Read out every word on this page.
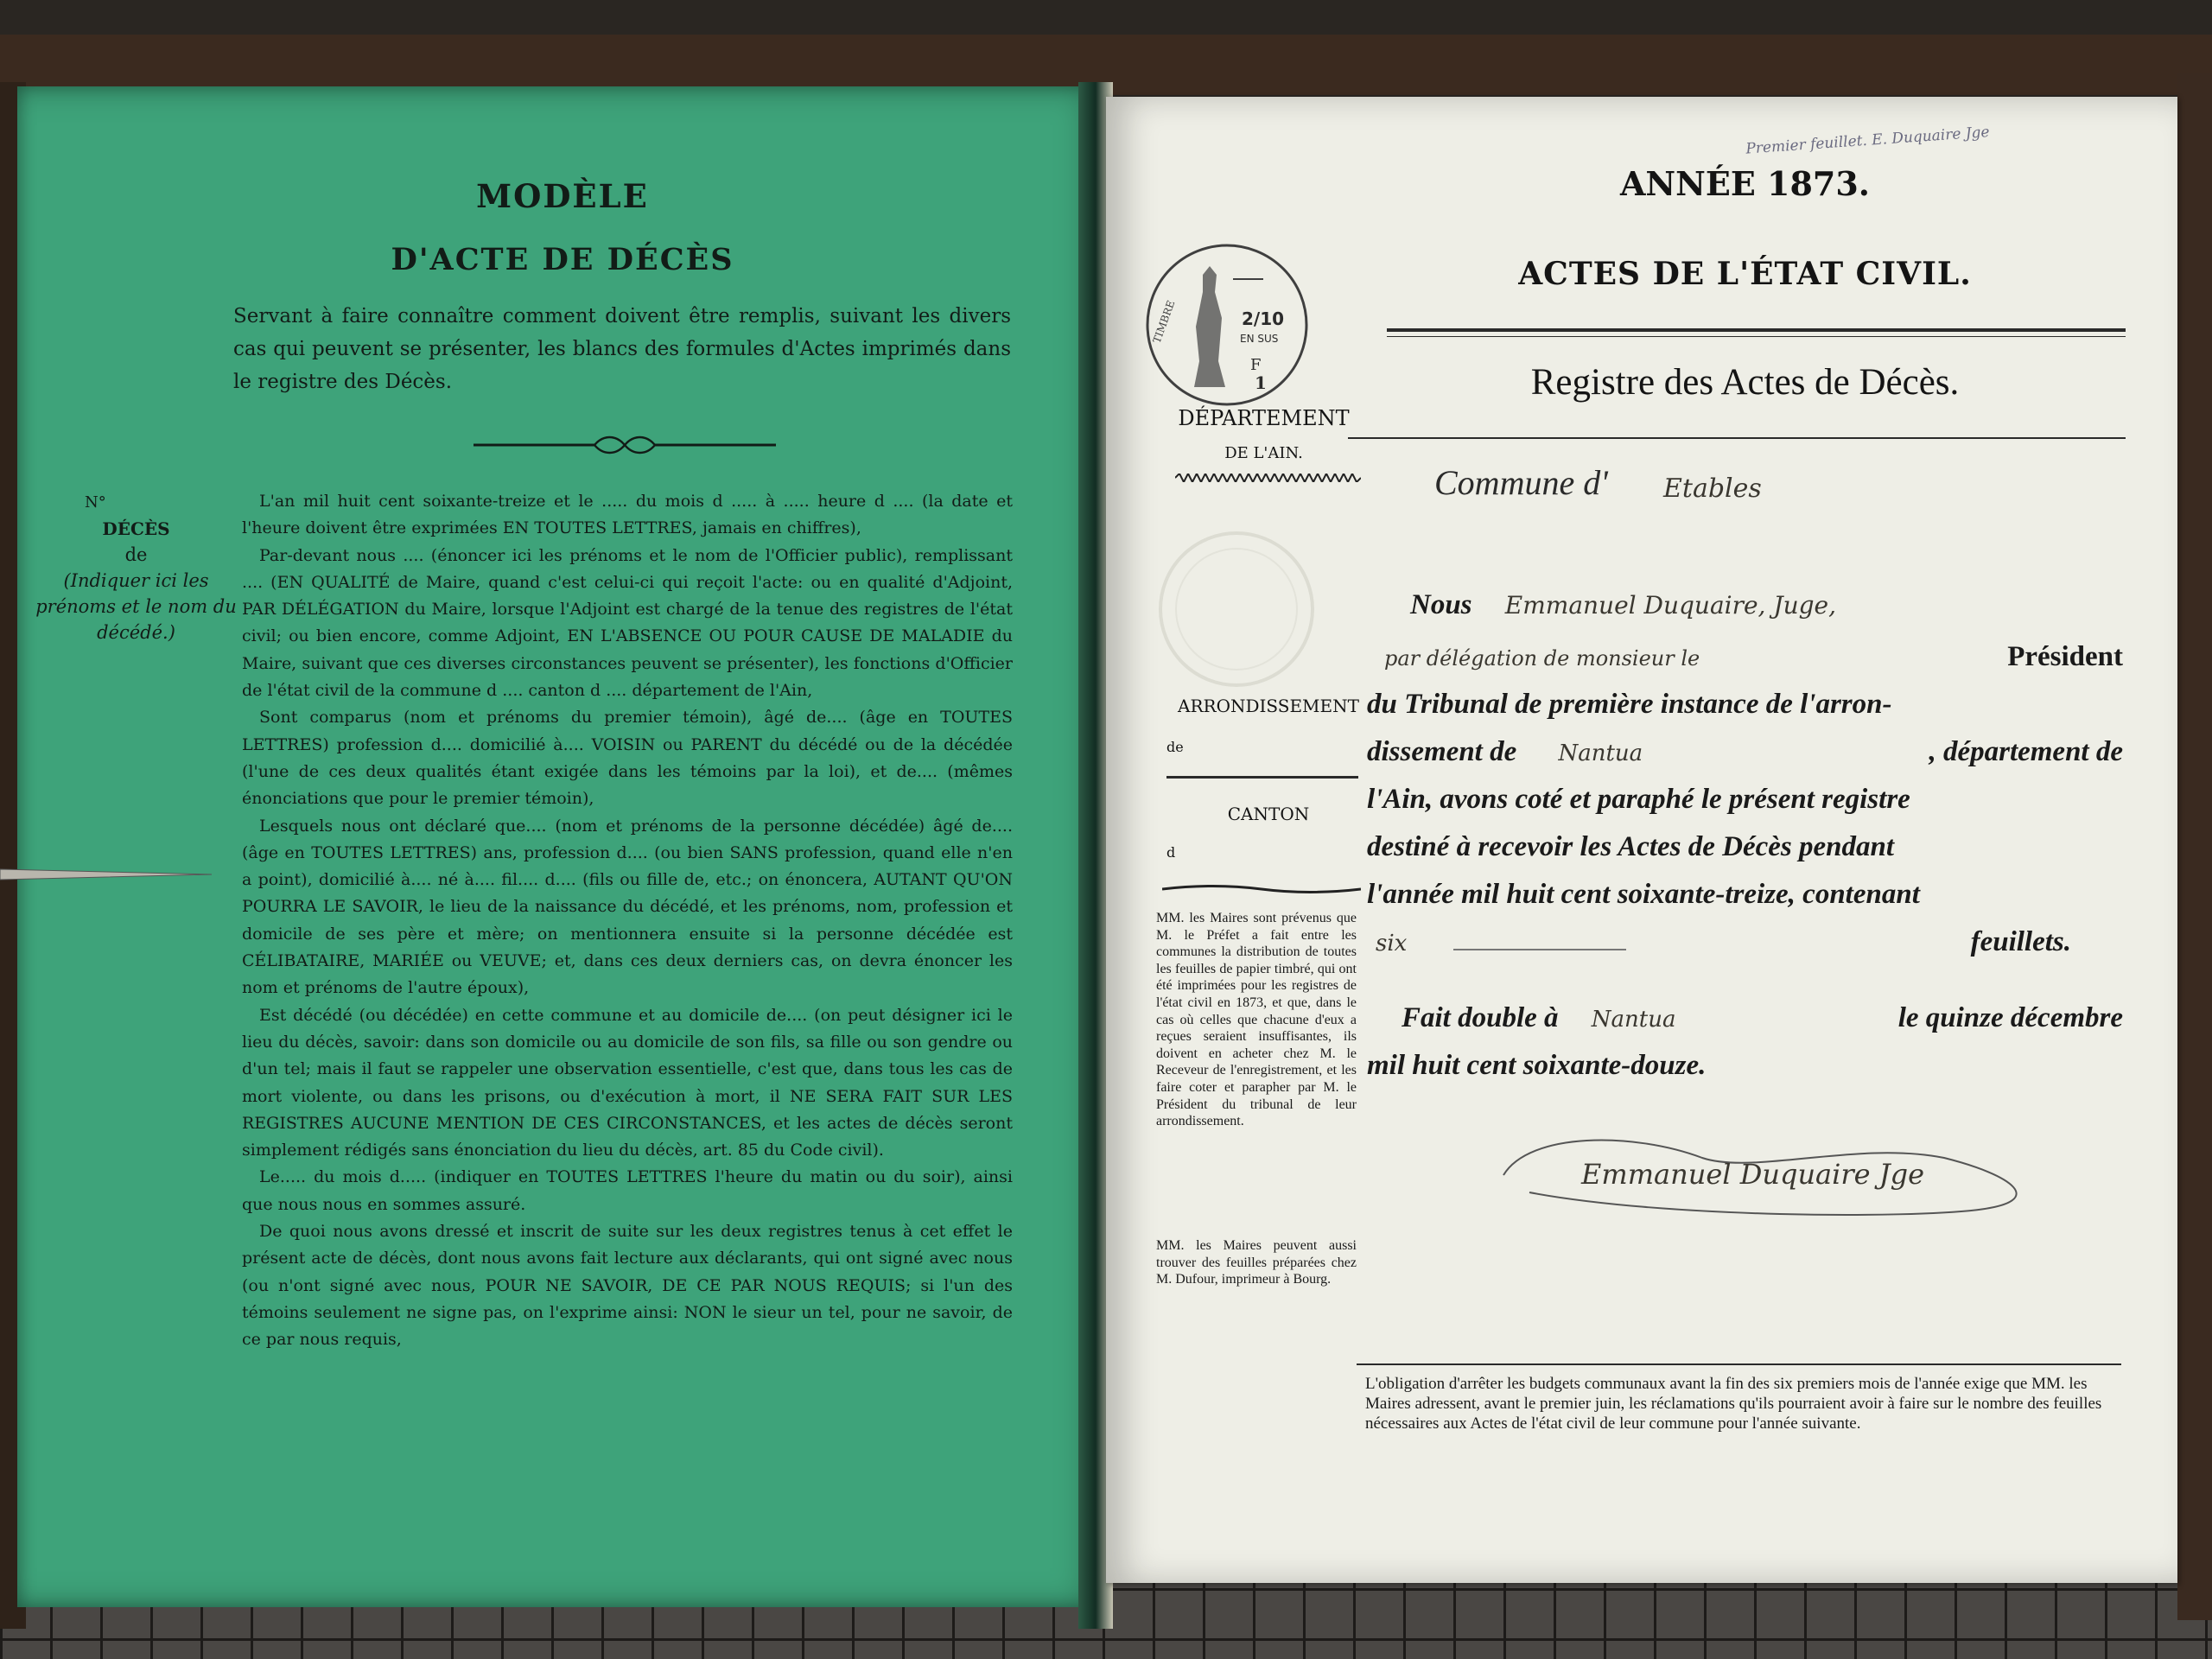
MODÈLE
D'ACTE DE DÉCÈS
Servant à faire connaître comment doivent être remplis, suivant les divers cas qui peuvent se présenter, les blancs des formules d'Actes imprimés dans le registre des Décès.
N°
DÉCÈS
de
(Indiquer ici les prénoms et le nom du décédé.)
L'an mil huit cent soixante-treize et le ..... du mois d ..... à ..... heure d .... (la date et l'heure doivent être exprimées EN TOUTES LETTRES, jamais en chiffres),
Par-devant nous .... (énoncer ici les prénoms et le nom de l'Officier public), remplissant .... (EN QUALITÉ de Maire, quand c'est celui-ci qui reçoit l'acte: ou en qualité d'Adjoint, PAR DÉLÉGATION du Maire, lorsque l'Adjoint est chargé de la tenue des registres de l'état civil; ou bien encore, comme Adjoint, EN L'ABSENCE OU POUR CAUSE DE MALADIE du Maire, suivant que ces diverses circonstances peuvent se présenter), les fonctions d'Officier de l'état civil de la commune d .... canton d .... département de l'Ain,
Sont comparus (nom et prénoms du premier témoin), âgé de.... (âge en TOUTES LETTRES) profession d.... domicilié à.... VOISIN ou PARENT du décédé ou de la décédée (l'une de ces deux qualités étant exigée dans les témoins par la loi), et de.... (mêmes énonciations que pour le premier témoin),
Lesquels nous ont déclaré que.... (nom et prénoms de la personne décédée) âgé de.... (âge en TOUTES LETTRES) ans, profession d.... (ou bien SANS profession, quand elle n'en a point), domicilié à.... né à.... fil.... d.... (fils ou fille de, etc.; on énoncera, AUTANT QU'ON POURRA LE SAVOIR, le lieu de la naissance du décédé, et les prénoms, nom, profession et domicile de ses père et mère; on mentionnera ensuite si la personne décédée est CÉLIBATAIRE, MARIÉE ou VEUVE; et, dans ces deux derniers cas, on devra énoncer les nom et prénoms de l'autre époux),
Est décédé (ou décédée) en cette commune et au domicile de.... (on peut désigner ici le lieu du décès, savoir: dans son domicile ou au domicile de son fils, sa fille ou son gendre ou d'un tel; mais il faut se rappeler une observation essentielle, c'est que, dans tous les cas de mort violente, ou dans les prisons, ou d'exécution à mort, il NE SERA FAIT SUR LES REGISTRES AUCUNE MENTION DE CES CIRCONSTANCES, et les actes de décès seront simplement rédigés sans énonciation du lieu du décès, art. 85 du Code civil).
Le..... du mois d..... (indiquer en TOUTES LETTRES l'heure du matin ou du soir), ainsi que nous nous en sommes assuré.
De quoi nous avons dressé et inscrit de suite sur les deux registres tenus à cet effet le présent acte de décès, dont nous avons fait lecture aux déclarants, qui ont signé avec nous (ou n'ont signé avec nous, POUR NE SAVOIR, DE CE PAR NOUS REQUIS; si l'un des témoins seulement ne signe pas, on l'exprime ainsi: NON le sieur un tel, pour ne savoir, de ce par nous requis,
Premier feuillet. E. Duquaire Jge
ANNÉE 1873.
ACTES DE L'ÉTAT CIVIL.
Registre des Actes de Décès.
TIMBRE	2/10
EN SUS
F
1
DÉPARTEMENT
DE L'AIN.
ARRONDISSEMENT
de
CANTON
d
MM. les Maires sont prévenus que M. le Préfet a fait entre les communes la distribution de toutes les feuilles de papier timbré, qui ont été imprimées pour les registres de l'état civil en 1873, et que, dans le cas où celles que chacune d'eux a reçues seraient insuffisantes, ils doivent en acheter chez M. le Receveur de l'enregistrement, et les faire coter et parapher par M. le Président du tribunal de leur arrondissement.
MM. les Maires peuvent aussi trouver des feuilles préparées chez M. Dufour, imprimeur à Bourg.
Commune d' Etables
Nous Emmanuel Duquaire, Juge,
par délégation de monsieur le	Président
du Tribunal de première instance de l'arron-
dissement de Nantua	, département de
l'Ain, avons coté et paraphé le présent registre
destiné à recevoir les Actes de Décès pendant
l'année mil huit cent soixante-treize, contenant
six	feuillets.
Fait double à Nantua	le quinze décembre
mil huit cent soixante-douze.
Emmanuel Duquaire Jge
L'obligation d'arrêter les budgets communaux avant la fin des six premiers mois de l'année exige que MM. les Maires adressent, avant le premier juin, les réclamations qu'ils pourraient avoir à faire sur le nombre des feuilles nécessaires aux Actes de l'état civil de leur commune pour l'année suivante.
